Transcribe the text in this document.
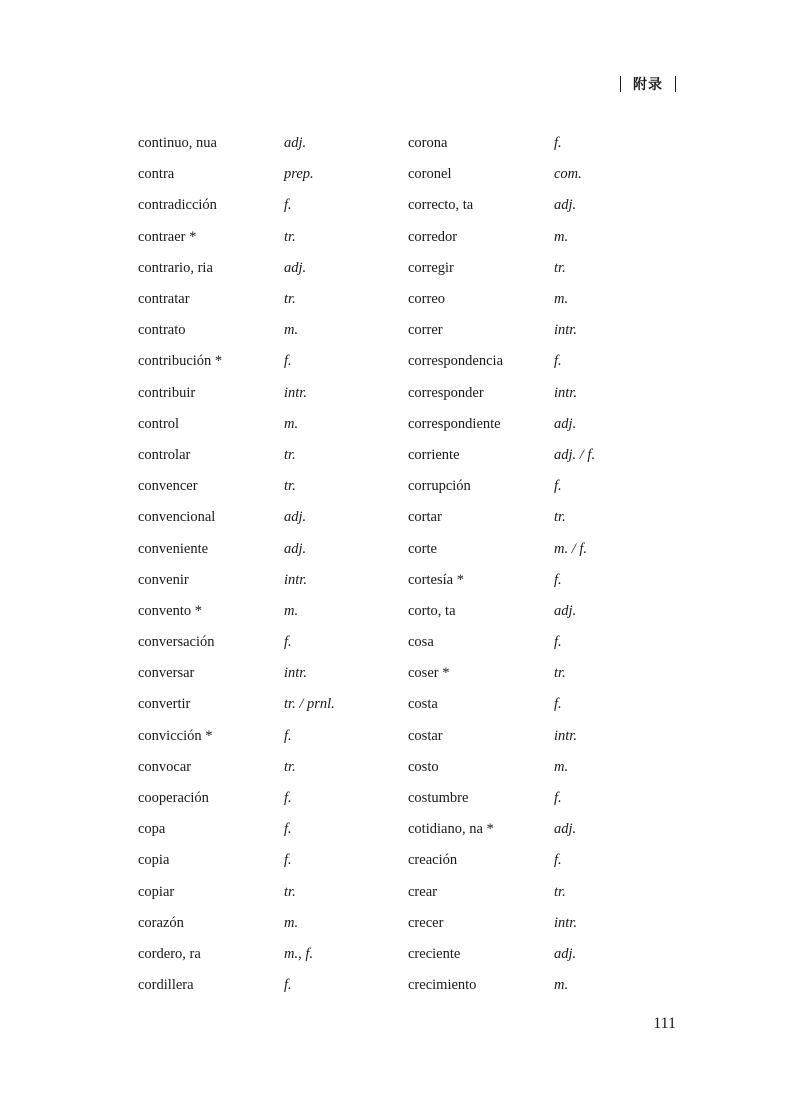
附录
continuo, nua	adj.
contra	prep.
contradicción	f.
contraer *	tr.
contrario, ria	adj.
contratar	tr.
contrato	m.
contribución *	f.
contribuir	intr.
control	m.
controlar	tr.
convencer	tr.
convencional	adj.
conveniente	adj.
convenir	intr.
convento *	m.
conversación	f.
conversar	intr.
convertir	tr. / prnl.
convicción *	f.
convocar	tr.
cooperación	f.
copa	f.
copia	f.
copiar	tr.
corazón	m.
cordero, ra	m., f.
cordillera	f.
corona	f.
coronel	com.
correcto, ta	adj.
corredor	m.
corregir	tr.
correo	m.
correr	intr.
correspondencia	f.
corresponder	intr.
correspondiente	adj.
corriente	adj. / f.
corrupción	f.
cortar	tr.
corte	m. / f.
cortesía *	f.
corto, ta	adj.
cosa	f.
coser *	tr.
costa	f.
costar	intr.
costo	m.
costumbre	f.
cotidiano, na *	adj.
creación	f.
crear	tr.
crecer	intr.
creciente	adj.
crecimiento	m.
111
